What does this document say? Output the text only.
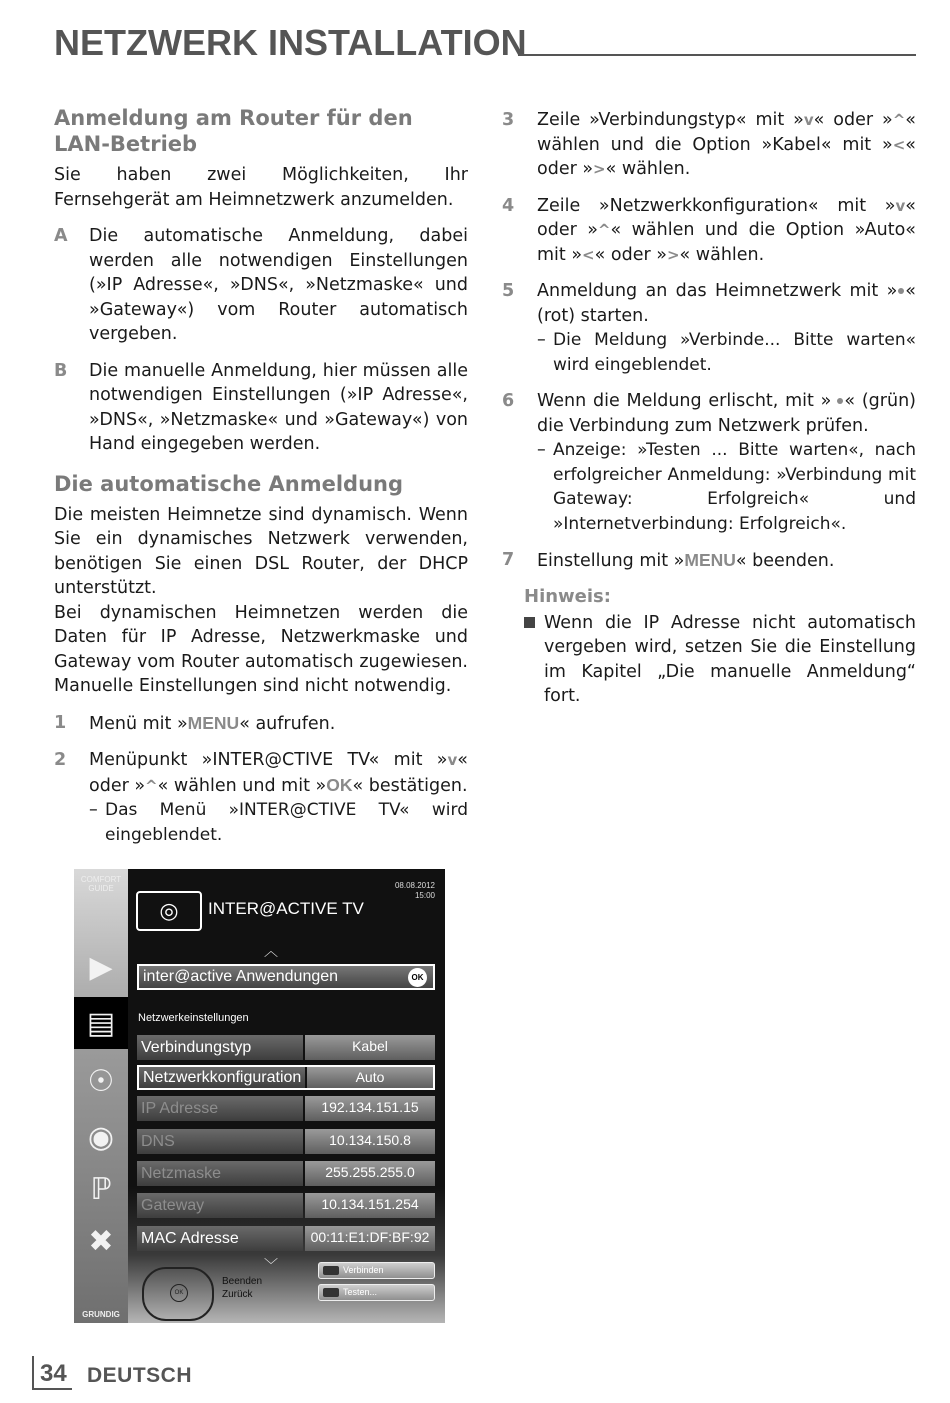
NETZWERK INSTALLATION
Anmeldung am Router für den LAN-Betrieb

Sie haben zwei Möglichkeiten, Ihr Fernsehgerät am Heimnetzwerk anzumelden.

A	Die automatische Anmeldung, dabei werden alle notwendigen Einstellungen (»IP Adresse«, »DNS«, »Netzmaske« und »Gateway«) vom Router automatisch vergeben.
B	Die manuelle Anmeldung, hier müssen alle notwendigen Einstellungen (»IP Adresse«, »DNS«, »Netzmaske« und »Gateway«) von Hand eingegeben werden.
Die automatische Anmeldung

Die meisten Heimnetze sind dynamisch. Wenn Sie ein dynamisches Netzwerk verwenden, benötigen Sie einen DSL Router, der DHCP unterstützt.

Bei dynamischen Heimnetzen werden die Daten für IP Adresse, Netzwerkmaske und Gateway vom Router automatisch zugewiesen. Manuelle Einstellungen sind nicht notwendig.

1	Menü mit »MENU« aufrufen.
2	Menüpunkt »INTER@CTIVE TV« mit »v« oder »^« wählen und mit »OK« bestätigen.
– Das Menü »INTER@CTIVE TV« wird eingeblendet.
3	Zeile »Verbindungstyp« mit »v« oder »^« wählen und die Option »Kabel« mit »<« oder »>« wählen.
4	Zeile »Netzwerkkonfiguration« mit »v« oder »^« wählen und die Option »Auto« mit »<« oder »>« wählen.
5	Anmeldung an das Heimnetzwerk mit » « (rot) starten.
– Die Meldung »Verbinde... Bitte warten« wird eingeblendet.
6	Wenn die Meldung erlischt, mit » « (grün) die Verbindung zum Netzwerk prüfen.
– Anzeige: »Testen ... Bitte warten«, nach erfolgreicher Anmeldung: »Verbindung mit Gateway: Erfolgreich« und »Internetverbindung: Erfolgreich«.
7	Einstellung mit »MENU« beenden.
Hinweis:
Wenn die IP Adresse nicht automatisch vergeben wird, setzen Sie die Einstellung im Kapitel „Die manuelle Anmeldung“ fort.
COMFORT GUIDE
▶
▤
☉
◉
ℙ
✖
GRUNDIG
08.08.2012
15:00
◎	INTER@ACTIVE TV
︿
inter@active Anwendungen	OK
Netzwerkeinstellungen
Verbindungstyp	Kabel
Netzwerkkonfiguration	Auto
IP Adresse	192.134.151.15
DNS	10.134.150.8
Netzmaske	255.255.255.0
Gateway	10.134.151.254
MAC Adresse	00:11:E1:DF:BF:92
﹀
OK
Beenden
Zurück
Verbinden
Testen...
34 DEUTSCH
